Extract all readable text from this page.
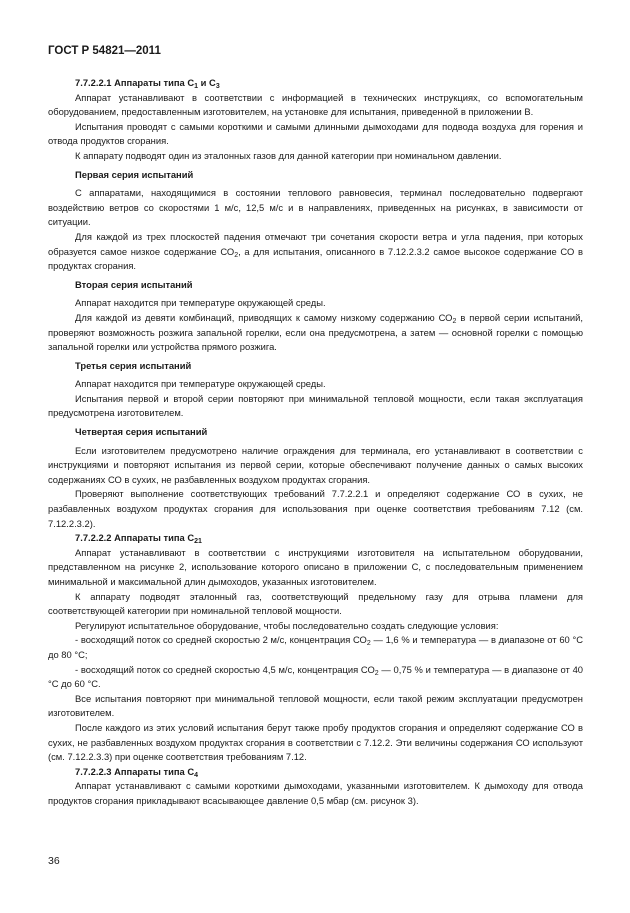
ГОСТ Р 54821—2011

7.7.2.2.1 Аппараты типа $С_1$ и $С_3$

Аппарат устанавливают в соответствии с информацией в технических инструкциях, со вспомогательным оборудованием, предоставленным изготовителем, на установке для испытания, приведенной в приложении В.

Испытания проводят с самыми короткими и самыми длинными дымоходами для подвода воздуха для горения и отвода продуктов сгорания.

К аппарату подводят один из эталонных газов для данной категории при номинальном давлении.

Первая серия испытаний

С аппаратами, находящимися в состоянии теплового равновесия, терминал последовательно подвергают воздействию ветров со скоростями 1 м/с, 12,5 м/с и в направлениях, приведенных на рисунках, в зависимости от ситуации.

Для каждой из трех плоскостей падения отмечают три сочетания скорости ветра и угла падения, при которых образуется самое низкое содержание $СО_2$, а для испытания, описанного в 7.12.2.3.2 самое высокое содержание СО в продуктах сгорания.

Вторая серия испытаний

Аппарат находится при температуре окружающей среды.

Для каждой из девяти комбинаций, приводящих к самому низкому содержанию $СО_2$ в первой серии испытаний, проверяют возможность розжига запальной горелки, если она предусмотрена, а затем — основной горелки с помощью запальной горелки или устройства прямого розжига.

Третья серия испытаний

Аппарат находится при температуре окружающей среды.

Испытания первой и второй серии повторяют при минимальной тепловой мощности, если такая эксплуатация предусмотрена изготовителем.

Четвертая серия испытаний

Если изготовителем предусмотрено наличие ограждения для терминала, его устанавливают в соответствии с инструкциями и повторяют испытания из первой серии, которые обеспечивают получение данных о самых высоких содержаниях СО в сухих, не разбавленных воздухом продуктах сгорания.

Проверяют выполнение соответствующих требований 7.7.2.2.1 и определяют содержание СО в сухих, не разбавленных воздухом продуктах сгорания для использования при оценке соответствия требованиям 7.12 (см. 7.12.2.3.2).

7.7.2.2.2 Аппараты типа $С_{21}$

Аппарат устанавливают в соответствии с инструкциями изготовителя на испытательном оборудовании, представленном на рисунке 2, использование которого описано в приложении С, с последовательным применением минимальной и максимальной длин дымоходов, указанных изготовителем.

К аппарату подводят эталонный газ, соответствующий предельному газу для отрыва пламени для соответствующей категории при номинальной тепловой мощности.

Регулируют испытательное оборудование, чтобы последовательно создать следующие условия:

- восходящий поток со средней скоростью 2 м/с, концентрация $СО_2$ — 1,6 % и температура — в диапазоне от 60 °С до 80 °С;

- восходящий поток со средней скоростью 4,5 м/с, концентрация $СО_2$ — 0,75 % и температура — в диапазоне от 40 °С до 60 °С.

Все испытания повторяют при минимальной тепловой мощности, если такой режим эксплуатации предусмотрен изготовителем.

После каждого из этих условий испытания берут также пробу продуктов сгорания и определяют содержание СО в сухих, не разбавленных воздухом продуктах сгорания в соответствии с 7.12.2. Эти величины содержания СО используют (см. 7.12.2.3.3) при оценке соответствия требованиям 7.12.

7.7.2.2.3 Аппараты типа $С_4$

Аппарат устанавливают с самыми короткими дымоходами, указанными изготовителем. К дымоходу для отвода продуктов сгорания прикладывают всасывающее давление 0,5 мбар (см. рисунок 3).

36
